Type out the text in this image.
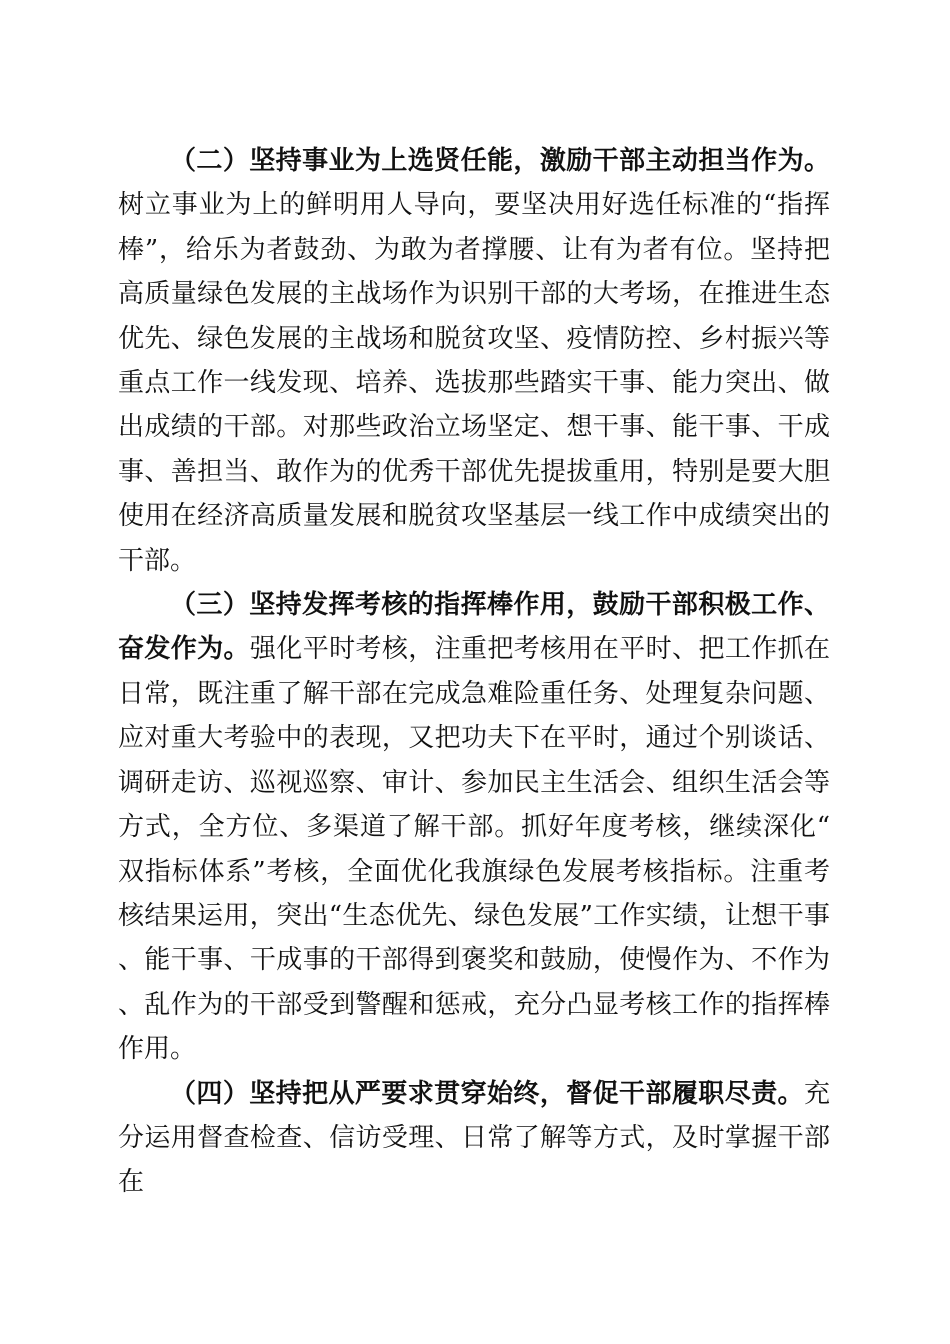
（二）坚持事业为上选贤任能，激励干部主动担当作为。树立事业为上的鲜明用人导向，要坚决用好选任标准的“指挥棒”，给乐为者鼓劲、为敢为者撑腰、让有为者有位。坚持把高质量绿色发展的主战场作为识别干部的大考场，在推进生态优先、绿色发展的主战场和脱贫攻坚、疫情防控、乡村振兴等重点工作一线发现、培养、选拔那些踏实干事、能力突出、做出成绩的干部。对那些政治立场坚定、想干事、能干事、干成事、善担当、敢作为的优秀干部优先提拔重用，特别是要大胆使用在经济高质量发展和脱贫攻坚基层一线工作中成绩突出的干部。

（三）坚持发挥考核的指挥棒作用，鼓励干部积极工作、奋发作为。强化平时考核，注重把考核用在平时、把工作抓在日常，既注重了解干部在完成急难险重任务、处理复杂问题、应对重大考验中的表现，又把功夫下在平时，通过个别谈话、调研走访、巡视巡察、审计、参加民主生活会、组织生活会等方式，全方位、多渠道了解干部。抓好年度考核，继续深化“双指标体系”考核，全面优化我旗绿色发展考核指标。注重考核结果运用，突出“生态优先、绿色发展”工作实绩，让想干事、能干事、干成事的干部得到褒奖和鼓励，使慢作为、不作为、乱作为的干部受到警醒和惩戒，充分凸显考核工作的指挥棒作用。

（四）坚持把从严要求贯穿始终，督促干部履职尽责。充分运用督查检查、信访受理、日常了解等方式，及时掌握干部在
